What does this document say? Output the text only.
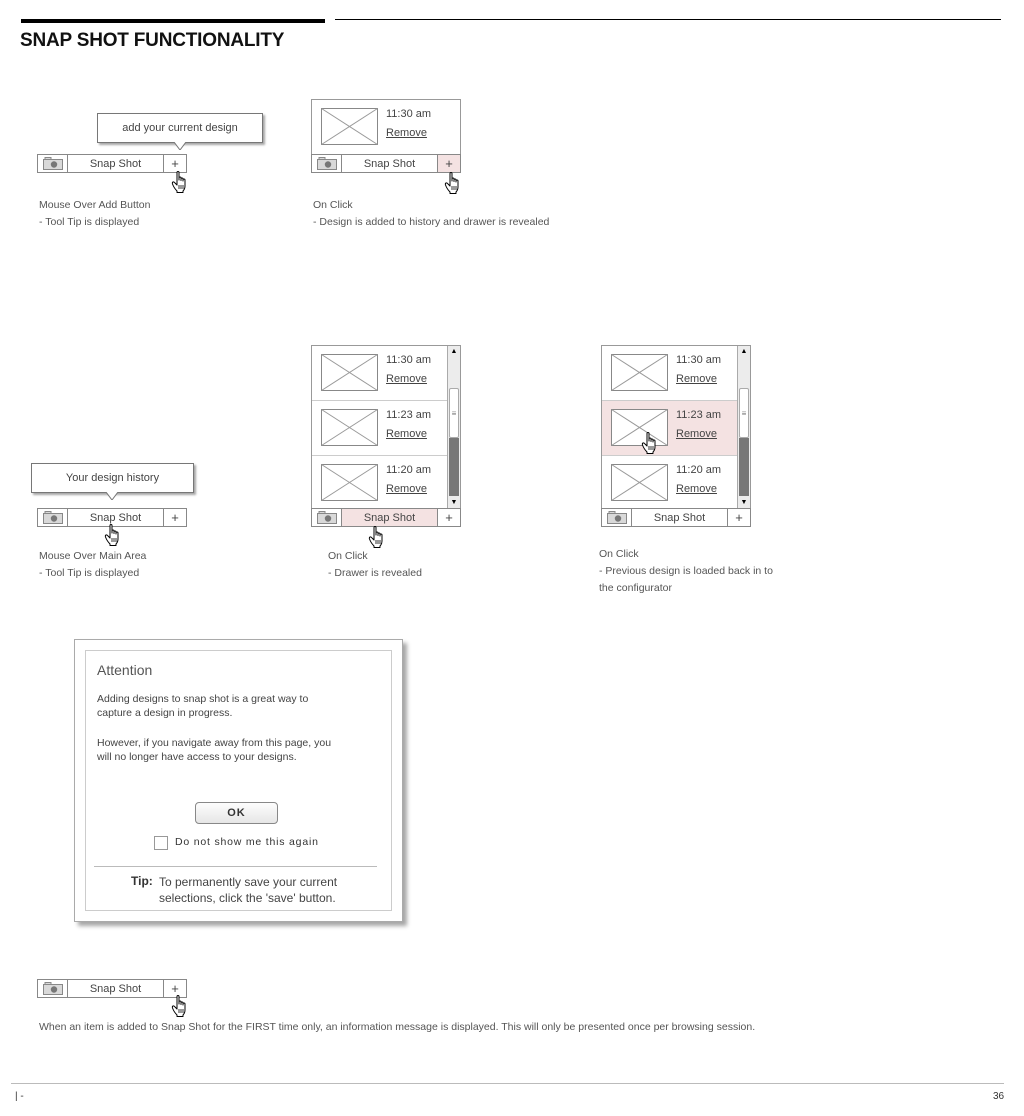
SNAP SHOT FUNCTIONALITY
add your current design
Snap Shot	+
Mouse Over Add Button
- Tool Tip is displayed
11:30 am
Remove
Snap Shot	+
On Click
- Design is added to history and drawer is revealed
Your design history
Snap Shot	+
Mouse Over Main Area
- Tool Tip is displayed
11:30 am
Remove
11:23 am
Remove
11:20 am
Remove
▲
≡
▼
Snap Shot	+
On Click
- Drawer is revealed
11:30 am
Remove
11:23 am
Remove
11:20 am
Remove
▲
≡
▼
Snap Shot	+
On Click
- Previous design is loaded back in to
the configurator
Attention
Adding designs to snap shot is a great way to
capture a design in progress.
However, if you navigate away from this page, you
will no longer have access to your designs.
OK
Do not show me this again
Tip: To permanently save your current
selections, click the 'save' button.
Snap Shot	+
When an item is added to Snap Shot for the FIRST time only, an information message is displayed. This will only be presented once per browsing session.
| -	36
